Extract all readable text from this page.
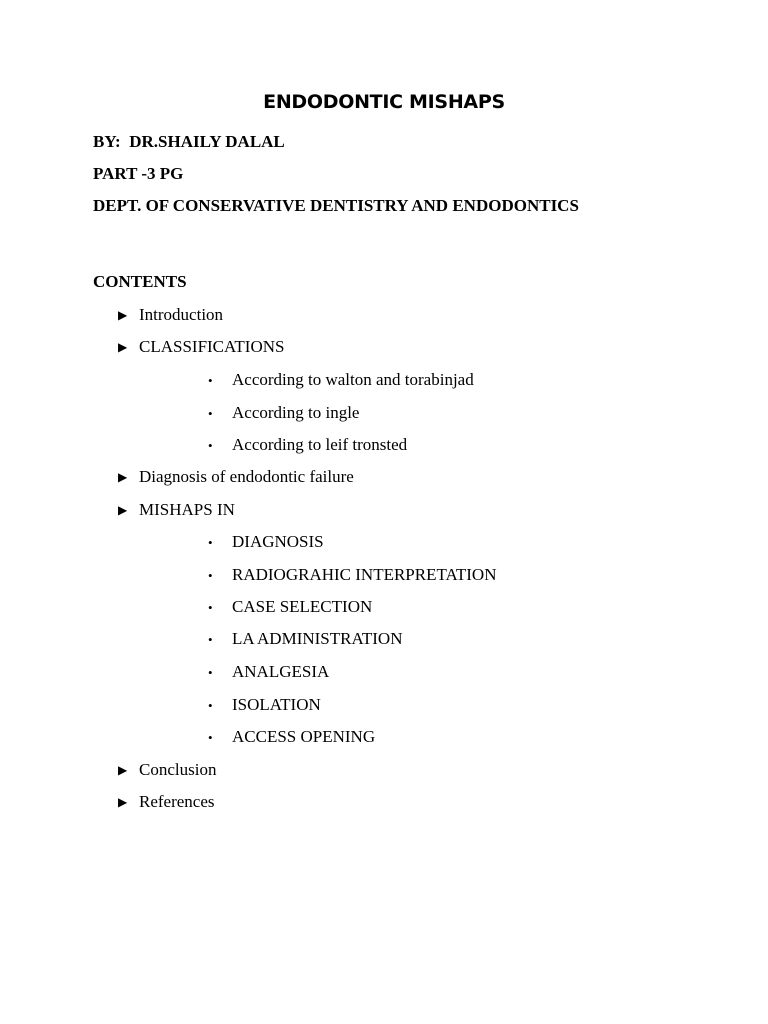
ENDODONTIC MISHAPS
BY:  DR.SHAILY DALAL
PART -3 PG
DEPT. OF CONSERVATIVE DENTISTRY AND ENDODONTICS
CONTENTS
▶ Introduction
▶ CLASSIFICATIONS
• According to walton and torabinjad
• According to ingle
• According to leif tronsted
▶ Diagnosis of endodontic failure
▶ MISHAPS IN
• DIAGNOSIS
• RADIOGRAHIC INTERPRETATION
• CASE SELECTION
• LA ADMINISTRATION
• ANALGESIA
• ISOLATION
• ACCESS OPENING
▶ Conclusion
▶ References
